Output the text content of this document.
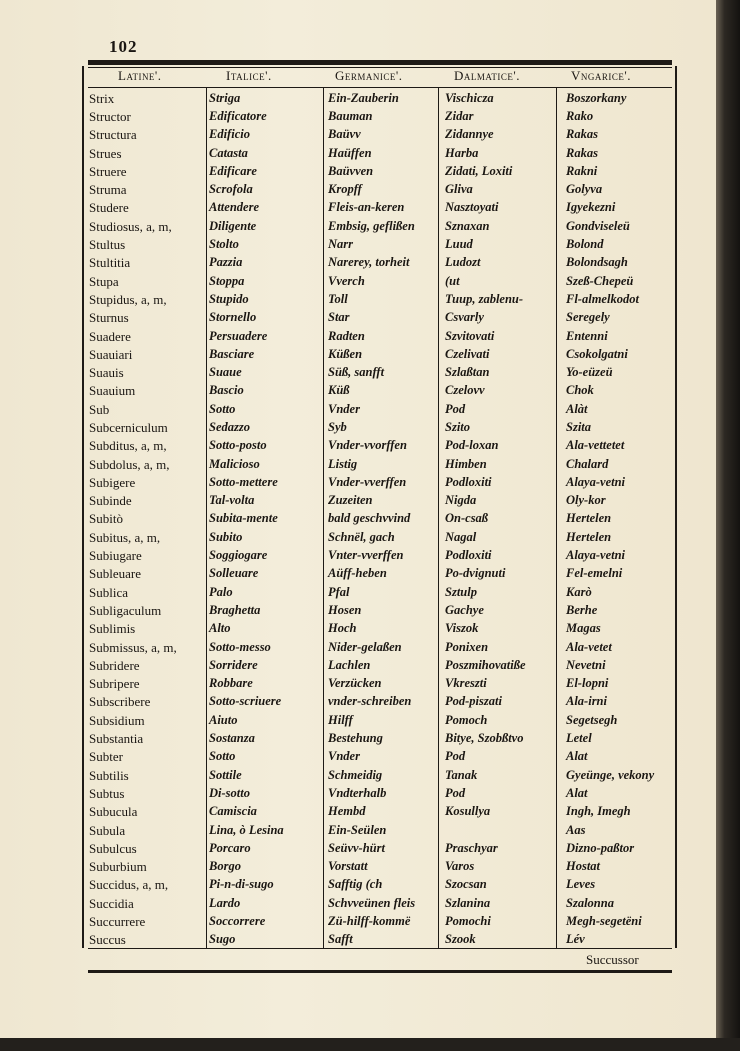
102
Latine'.	Italice'.	Germanice'.	Dalmatice'.	Vngarice'.
Strix	Striga	Ein-Zauberin	Vischicza	Boszorkany
Structor	Edificatore	Bauman	Zidar	Rako
Structura	Edificio	Baüvv	Zidannye	Rakas
Strues	Catasta	Haüffen	Harba	Rakas
Struere	Edificare	Baüvven	Zidati, Loxiti	Rakni
Struma	Scrofola	Kropff	Gliva	Golyva
Studere	Attendere	Fleis-an-keren	Nasztoyati	Igyekezni
Studiosus, a, m,	Diligente	Embsig, geflißen	Sznaxan	Gondviseleü
Stultus	Stolto	Narr	Luud	Bolond
Stultitia	Pazzia	Narerey, torheit	Ludozt	Bolondsagh
Stupa	Stoppa	Vverch	(ut	Szeß-Chepeü
Stupidus, a, m,	Stupido	Toll	Tuup, zablenu-	Fl-almelkodot
Sturnus	Stornello	Star	Csvarly	Seregely
Suadere	Persuadere	Radten	Szvitovati	Entenni
Suauiari	Basciare	Küßen	Czelivati	Csokolgatni
Suauis	Suaue	Süß, sanfft	Szlaßtan	Yo-eüzeü
Suauium	Bascio	Küß	Czelovv	Chok
Sub	Sotto	Vnder	Pod	Alàt
Subcerniculum	Sedazzo	Syb	Szito	Szita
Subditus, a, m,	Sotto-posto	Vnder-vvorffen	Pod-loxan	Ala-vettetet
Subdolus, a, m,	Malicioso	Listig	Himben	Chalard
Subigere	Sotto-mettere	Vnder-vverffen	Podloxiti	Alaya-vetni
Subinde	Tal-volta	Zuzeiten	Nigda	Oly-kor
Subitò	Subita-mente	bald geschvvind	On-csaß	Hertelen
Subitus, a, m,	Subito	Schnël, gach	Nagal	Hertelen
Subiugare	Soggiogare	Vnter-vverffen	Podloxiti	Alaya-vetni
Subleuare	Solleuare	Aüff-heben	Po-dvignuti	Fel-emelni
Sublica	Palo	Pfal	Sztulp	Karò
Subligaculum	Braghetta	Hosen	Gachye	Berhe
Sublimis	Alto	Hoch	Viszok	Magas
Submissus, a, m,	Sotto-messo	Nider-gelaßen	Ponixen	Ala-vetet
Subridere	Sorridere	Lachlen	Poszmihovatiße	Nevetni
Subripere	Robbare	Verzücken	Vkreszti	El-lopni
Subscribere	Sotto-scriuere	vnder-schreiben	Pod-piszati	Ala-irni
Subsidium	Aiuto	Hilff	Pomoch	Segetsegh
Substantia	Sostanza	Bestehung	Bitye, Szobßtvo	Letel
Subter	Sotto	Vnder	Pod	Alat
Subtilis	Sottile	Schmeidig	Tanak	Gyeünge, vekony
Subtus	Di-sotto	Vndterhalb	Pod	Alat
Subucula	Camiscia	Hembd	Kosullya	Ingh, Imegh
Subula	Lina, ò Lesina	Ein-Seülen		Aas
Subulcus	Porcaro	Seüvv-hürt	Praschyar	Dizno-paßtor
Suburbium	Borgo	Vorstatt	Varos	Hostat
Succidus, a, m,	Pi-n-di-sugo	Safftig (ch	Szocsan	Leves
Succidia	Lardo	Schvveünen fleis	Szlanina	Szalonna
Succurrere	Soccorrere	Zü-hilff-kommë	Pomochi	Megh-segetëni
Succus	Sugo	Safft	Szook	Lév
Succussor
